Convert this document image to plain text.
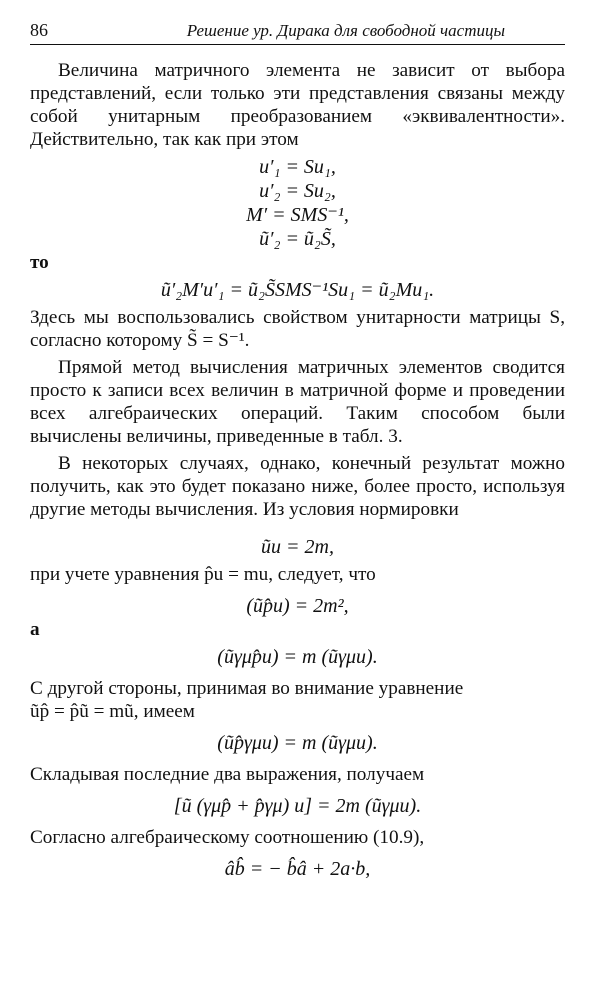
86	Решение ур. Дирака для свободной частицы

Величина матричного элемента не зависит от выбора представлений, если только эти представления связаны между собой унитарным преобразованием «эквивалентности». Действительно, так как при этом

u′₁ = Su₁,

u′₂ = Su₂,

M′ = SMS⁻¹,

ũ′₂ = ũ₂S̃,

то

ũ′₂M′u′₁ = ũ₂S̃SMS⁻¹Su₁ = ũ₂Mu₁.

Здесь мы воспользовались свойством унитарности матрицы S, согласно которому S̃ = S⁻¹.

Прямой метод вычисления матричных элементов сводится просто к записи всех величин в матричной форме и проведении всех алгебраических операций. Таким способом были вычислены величины, приведенные в табл. 3.

В некоторых случаях, однако, конечный результат можно получить, как это будет показано ниже, более просто, используя другие методы вычисления. Из условия нормировки

ũu = 2m,

при учете уравнения p̂u = mu, следует, что

(ũp̂u) = 2m²,

а

(ũγμp̂u) = m (ũγμu).

С другой стороны, принимая во внимание уравнение

ũp̂ = p̂ũ = mũ, имеем

(ũp̂γμu) = m (ũγμu).

Складывая последние два выражения, получаем

[ũ (γμp̂ + p̂γμ) u] = 2m (ũγμu).

Согласно алгебраическому соотношению (10.9),

âb̂ = − b̂â + 2a·b,
